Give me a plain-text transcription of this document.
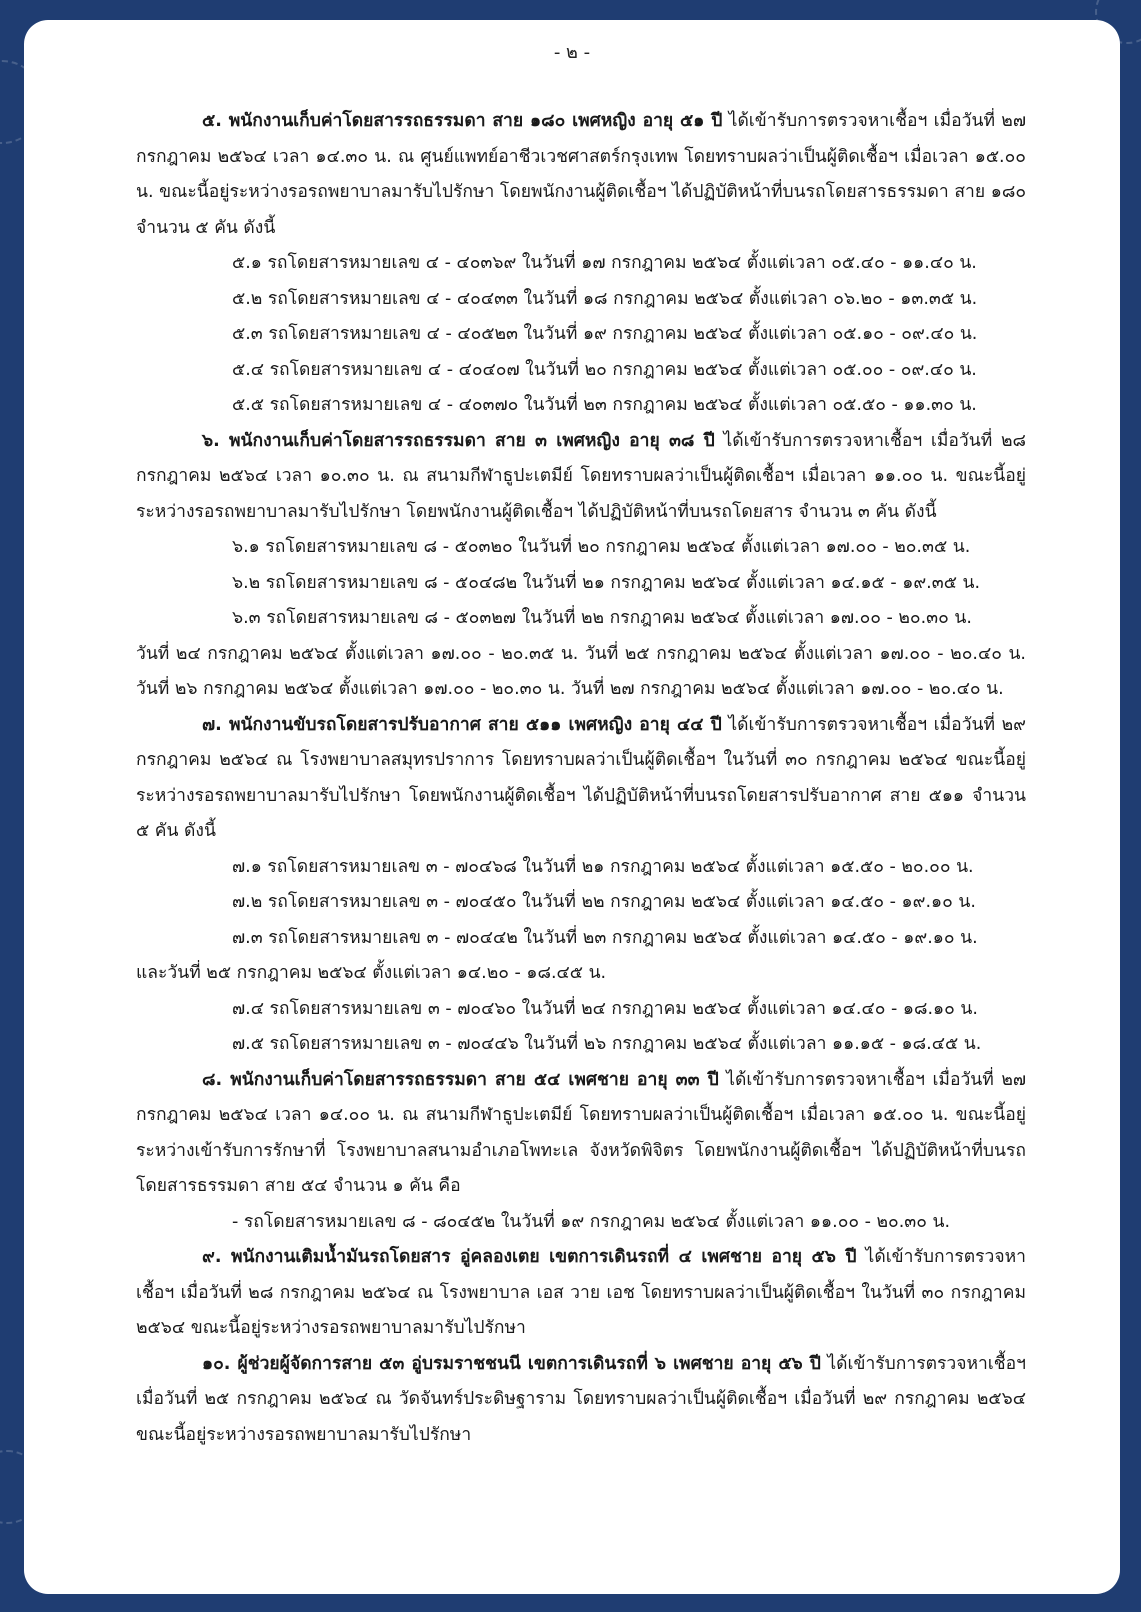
- ๒ -

๕. พนักงานเก็บค่าโดยสารรถธรรมดา สาย ๑๘๐ เพศหญิง อายุ ๕๑ ปี ได้เข้ารับการตรวจหาเชื้อฯ เมื่อวันที่ ๒๗ กรกฎาคม ๒๕๖๔ เวลา ๑๔.๓๐ น. ณ ศูนย์แพทย์อาชีวเวชศาสตร์กรุงเทพ โดยทราบผลว่าเป็นผู้ติดเชื้อฯ เมื่อเวลา ๑๕.๐๐ น. ขณะนี้อยู่ระหว่างรอรถพยาบาลมารับไปรักษา โดยพนักงานผู้ติดเชื้อฯ ได้ปฏิบัติหน้าที่บนรถโดยสารธรรมดา สาย ๑๘๐ จำนวน ๕ คัน ดังนี้

๕.๑ รถโดยสารหมายเลข ๔ - ๔๐๓๖๙ ในวันที่ ๑๗ กรกฎาคม ๒๕๖๔ ตั้งแต่เวลา ๐๕.๔๐ - ๑๑.๔๐ น.

๕.๒ รถโดยสารหมายเลข ๔ - ๔๐๔๓๓ ในวันที่ ๑๘ กรกฎาคม ๒๕๖๔ ตั้งแต่เวลา ๐๖.๒๐ - ๑๓.๓๕ น.

๕.๓ รถโดยสารหมายเลข ๔ - ๔๐๕๒๓ ในวันที่ ๑๙ กรกฎาคม ๒๕๖๔ ตั้งแต่เวลา ๐๕.๑๐ - ๐๙.๔๐ น.

๕.๔ รถโดยสารหมายเลข ๔ - ๔๐๔๐๗ ในวันที่ ๒๐ กรกฎาคม ๒๕๖๔ ตั้งแต่เวลา ๐๕.๐๐ - ๐๙.๔๐ น.

๕.๕ รถโดยสารหมายเลข ๔ - ๔๐๓๗๐ ในวันที่ ๒๓ กรกฎาคม ๒๕๖๔ ตั้งแต่เวลา ๐๕.๕๐ - ๑๑.๓๐ น.

๖. พนักงานเก็บค่าโดยสารรถธรรมดา สาย ๓ เพศหญิง อายุ ๓๘ ปี ได้เข้ารับการตรวจหาเชื้อฯ เมื่อวันที่ ๒๘ กรกฎาคม ๒๕๖๔ เวลา ๑๐.๓๐ น. ณ สนามกีฬาธูปะเตมีย์ โดยทราบผลว่าเป็นผู้ติดเชื้อฯ เมื่อเวลา ๑๑.๐๐ น. ขณะนี้อยู่ระหว่างรอรถพยาบาลมารับไปรักษา โดยพนักงานผู้ติดเชื้อฯ ได้ปฏิบัติหน้าที่บนรถโดยสาร จำนวน ๓ คัน ดังนี้

๖.๑ รถโดยสารหมายเลข ๘ - ๕๐๓๒๐ ในวันที่ ๒๐ กรกฎาคม ๒๕๖๔ ตั้งแต่เวลา ๑๗.๐๐ - ๒๐.๓๕ น.

๖.๒ รถโดยสารหมายเลข ๘ - ๕๐๔๘๒ ในวันที่ ๒๑ กรกฎาคม ๒๕๖๔ ตั้งแต่เวลา ๑๔.๑๕ - ๑๙.๓๕ น.

๖.๓ รถโดยสารหมายเลข ๘ - ๕๐๓๒๗ ในวันที่ ๒๒ กรกฎาคม ๒๕๖๔ ตั้งแต่เวลา ๑๗.๐๐ - ๒๐.๓๐ น.

วันที่ ๒๔ กรกฎาคม ๒๕๖๔ ตั้งแต่เวลา ๑๗.๐๐ - ๒๐.๓๕ น. วันที่ ๒๕ กรกฎาคม ๒๕๖๔ ตั้งแต่เวลา ๑๗.๐๐ - ๒๐.๔๐ น. วันที่ ๒๖ กรกฎาคม ๒๕๖๔ ตั้งแต่เวลา ๑๗.๐๐ - ๒๐.๓๐ น. วันที่ ๒๗ กรกฎาคม ๒๕๖๔ ตั้งแต่เวลา ๑๗.๐๐ - ๒๐.๔๐ น.

๗. พนักงานขับรถโดยสารปรับอากาศ สาย ๕๑๑ เพศหญิง อายุ ๔๔ ปี ได้เข้ารับการตรวจหาเชื้อฯ เมื่อวันที่ ๒๙ กรกฎาคม ๒๕๖๔ ณ โรงพยาบาลสมุทรปราการ โดยทราบผลว่าเป็นผู้ติดเชื้อฯ ในวันที่ ๓๐ กรกฎาคม ๒๕๖๔ ขณะนี้อยู่ระหว่างรอรถพยาบาลมารับไปรักษา โดยพนักงานผู้ติดเชื้อฯ ได้ปฏิบัติหน้าที่บนรถโดยสารปรับอากาศ สาย ๕๑๑ จำนวน ๕ คัน ดังนี้

๗.๑ รถโดยสารหมายเลข ๓ - ๗๐๔๖๘ ในวันที่ ๒๑ กรกฎาคม ๒๕๖๔ ตั้งแต่เวลา ๑๕.๕๐ - ๒๐.๐๐ น.

๗.๒ รถโดยสารหมายเลข ๓ - ๗๐๔๕๐ ในวันที่ ๒๒ กรกฎาคม ๒๕๖๔ ตั้งแต่เวลา ๑๔.๕๐ - ๑๙.๑๐ น.

๗.๓ รถโดยสารหมายเลข ๓ - ๗๐๔๔๒ ในวันที่ ๒๓ กรกฎาคม ๒๕๖๔ ตั้งแต่เวลา ๑๔.๕๐ - ๑๙.๑๐ น.

และวันที่ ๒๕ กรกฎาคม ๒๕๖๔ ตั้งแต่เวลา ๑๔.๒๐ - ๑๘.๔๕ น.

๗.๔ รถโดยสารหมายเลข ๓ - ๗๐๔๖๐ ในวันที่ ๒๔ กรกฎาคม ๒๕๖๔ ตั้งแต่เวลา ๑๔.๔๐ - ๑๘.๑๐ น.

๗.๕ รถโดยสารหมายเลข ๓ - ๗๐๔๔๖ ในวันที่ ๒๖ กรกฎาคม ๒๕๖๔ ตั้งแต่เวลา ๑๑.๑๕ - ๑๘.๔๕ น.

๘. พนักงานเก็บค่าโดยสารรถธรรมดา สาย ๕๔ เพศชาย อายุ ๓๓ ปี ได้เข้ารับการตรวจหาเชื้อฯ เมื่อวันที่ ๒๗ กรกฎาคม ๒๕๖๔ เวลา ๑๔.๐๐ น. ณ สนามกีฬาธูปะเตมีย์ โดยทราบผลว่าเป็นผู้ติดเชื้อฯ เมื่อเวลา ๑๕.๐๐ น. ขณะนี้อยู่ระหว่างเข้ารับการรักษาที่ โรงพยาบาลสนามอำเภอโพทะเล จังหวัดพิจิตร โดยพนักงานผู้ติดเชื้อฯ ได้ปฏิบัติหน้าที่บนรถโดยสารธรรมดา สาย ๕๔ จำนวน ๑ คัน คือ

- รถโดยสารหมายเลข ๘ - ๘๐๔๕๒ ในวันที่ ๑๙ กรกฎาคม ๒๕๖๔ ตั้งแต่เวลา ๑๑.๐๐ - ๒๐.๓๐ น.

๙. พนักงานเติมน้ำมันรถโดยสาร อู่คลองเตย เขตการเดินรถที่ ๔ เพศชาย อายุ ๕๖ ปี ได้เข้ารับการตรวจหาเชื้อฯ เมื่อวันที่ ๒๘ กรกฎาคม ๒๕๖๔ ณ โรงพยาบาล เอส วาย เอช โดยทราบผลว่าเป็นผู้ติดเชื้อฯ ในวันที่ ๓๐ กรกฎาคม ๒๕๖๔ ขณะนี้อยู่ระหว่างรอรถพยาบาลมารับไปรักษา

๑๐. ผู้ช่วยผู้จัดการสาย ๕๓ อู่บรมราชชนนี เขตการเดินรถที่ ๖ เพศชาย อายุ ๕๖ ปี ได้เข้ารับการตรวจหาเชื้อฯ เมื่อวันที่ ๒๕ กรกฎาคม ๒๕๖๔ ณ วัดจันทร์ประดิษฐาราม โดยทราบผลว่าเป็นผู้ติดเชื้อฯ เมื่อวันที่ ๒๙ กรกฎาคม ๒๕๖๔ ขณะนี้อยู่ระหว่างรอรถพยาบาลมารับไปรักษา
